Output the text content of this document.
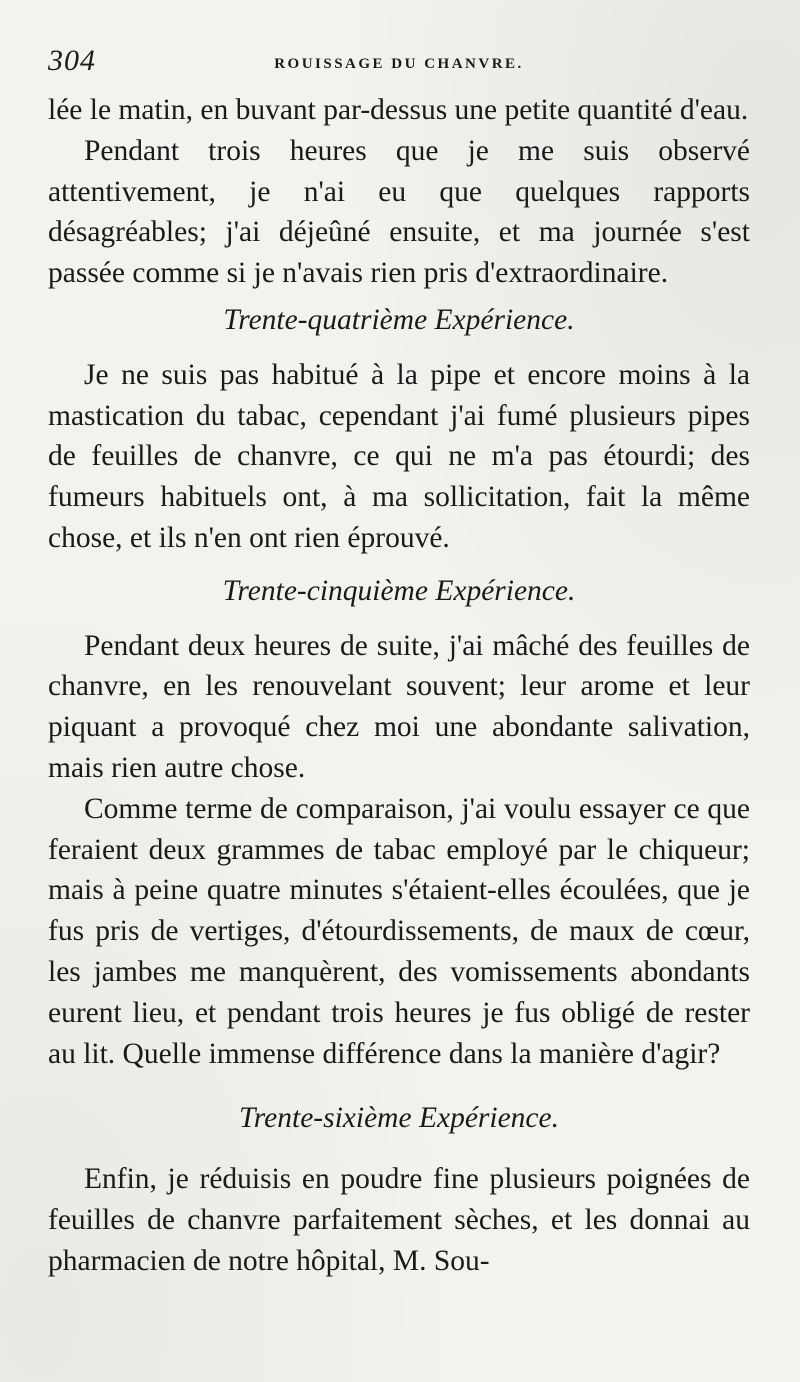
304	ROUISSAGE DU CHANVRE.

lée le matin, en buvant par-dessus une petite quantité d'eau.

Pendant trois heures que je me suis observé attentivement, je n'ai eu que quelques rapports désagréables; j'ai déjeûné ensuite, et ma journée s'est passée comme si je n'avais rien pris d'extraordinaire.

Trente-quatrième Expérience.

Je ne suis pas habitué à la pipe et encore moins à la mastication du tabac, cependant j'ai fumé plusieurs pipes de feuilles de chanvre, ce qui ne m'a pas étourdi; des fumeurs habituels ont, à ma sollicitation, fait la même chose, et ils n'en ont rien éprouvé.

Trente-cinquième Expérience.

Pendant deux heures de suite, j'ai mâché des feuilles de chanvre, en les renouvelant souvent; leur arome et leur piquant a provoqué chez moi une abondante salivation, mais rien autre chose.

Comme terme de comparaison, j'ai voulu essayer ce que feraient deux grammes de tabac employé par le chiqueur; mais à peine quatre minutes s'étaient-elles écoulées, que je fus pris de vertiges, d'étourdissements, de maux de cœur, les jambes me manquèrent, des vomissements abondants eurent lieu, et pendant trois heures je fus obligé de rester au lit. Quelle immense différence dans la manière d'agir?

Trente-sixième Expérience.

Enfin, je réduisis en poudre fine plusieurs poignées de feuilles de chanvre parfaitement sèches, et les donnai au pharmacien de notre hôpital, M. Sou-
